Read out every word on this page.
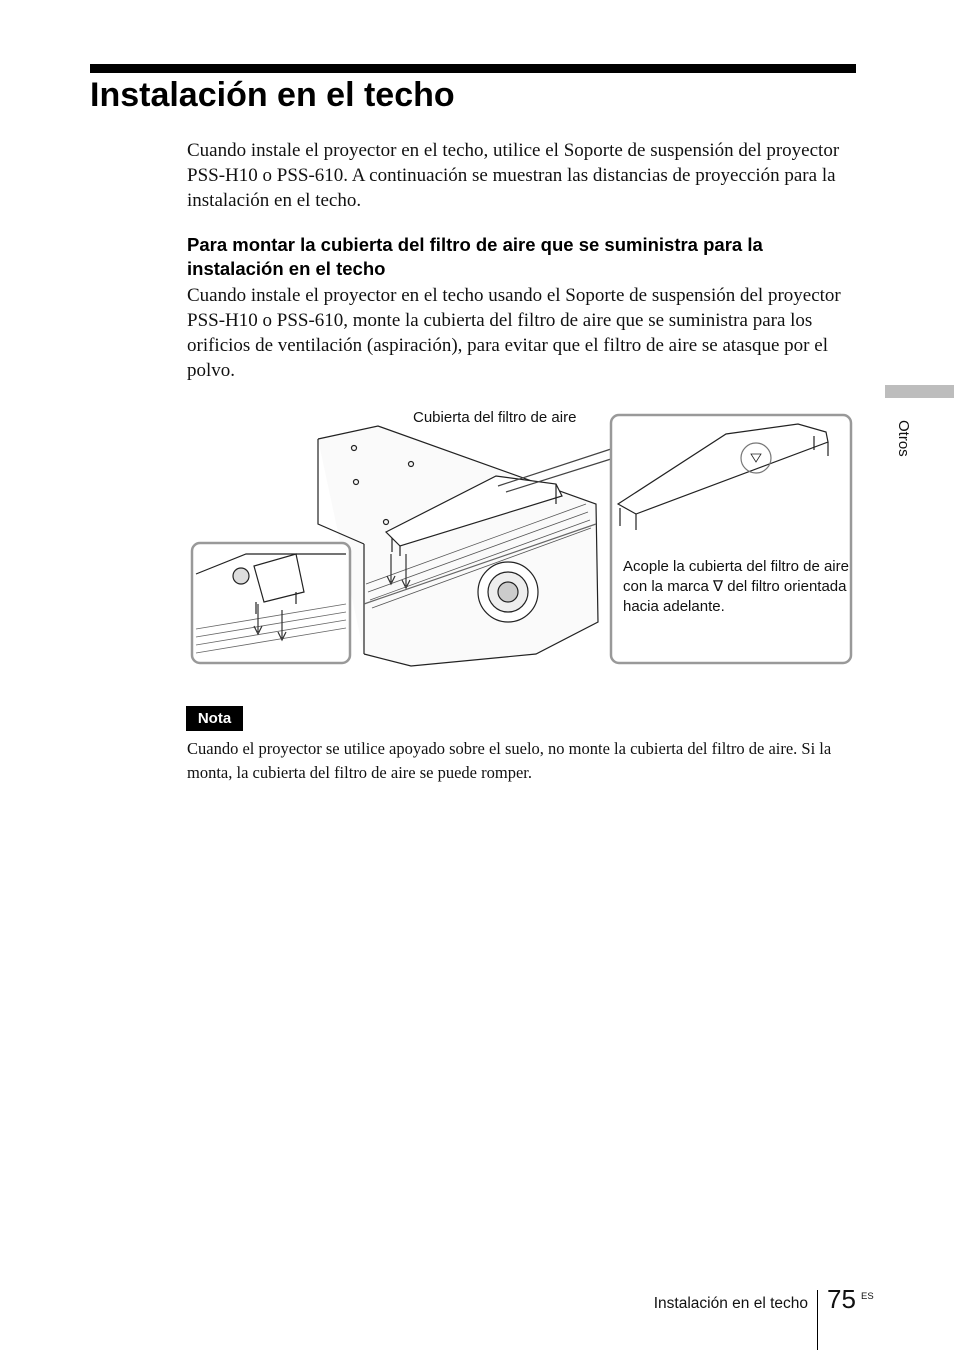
Instalación en el techo

Cuando instale el proyector en el techo, utilice el Soporte de suspensión del proyector PSS-H10 o PSS-610. A continuación se muestran las distancias de proyección para la instalación en el techo.

Para montar la cubierta del filtro de aire que se suministra para la instalación en el techo

Cuando instale el proyector en el techo usando el Soporte de suspensión del proyector PSS-H10 o PSS-610, monte la cubierta del filtro de aire que se suministra para los orificios de ventilación (aspiración), para evitar que el filtro de aire se atasque por el polvo.

Cubierta del filtro de aire
Acople la cubierta del filtro de aire con la marca ∇ del filtro orientada hacia adelante.
Nota

Cuando el proyector se utilice apoyado sobre el suelo, no monte la cubierta del filtro de aire. Si la monta, la cubierta del filtro de aire se puede romper.

Otros
Instalación en el techo 75 ES
